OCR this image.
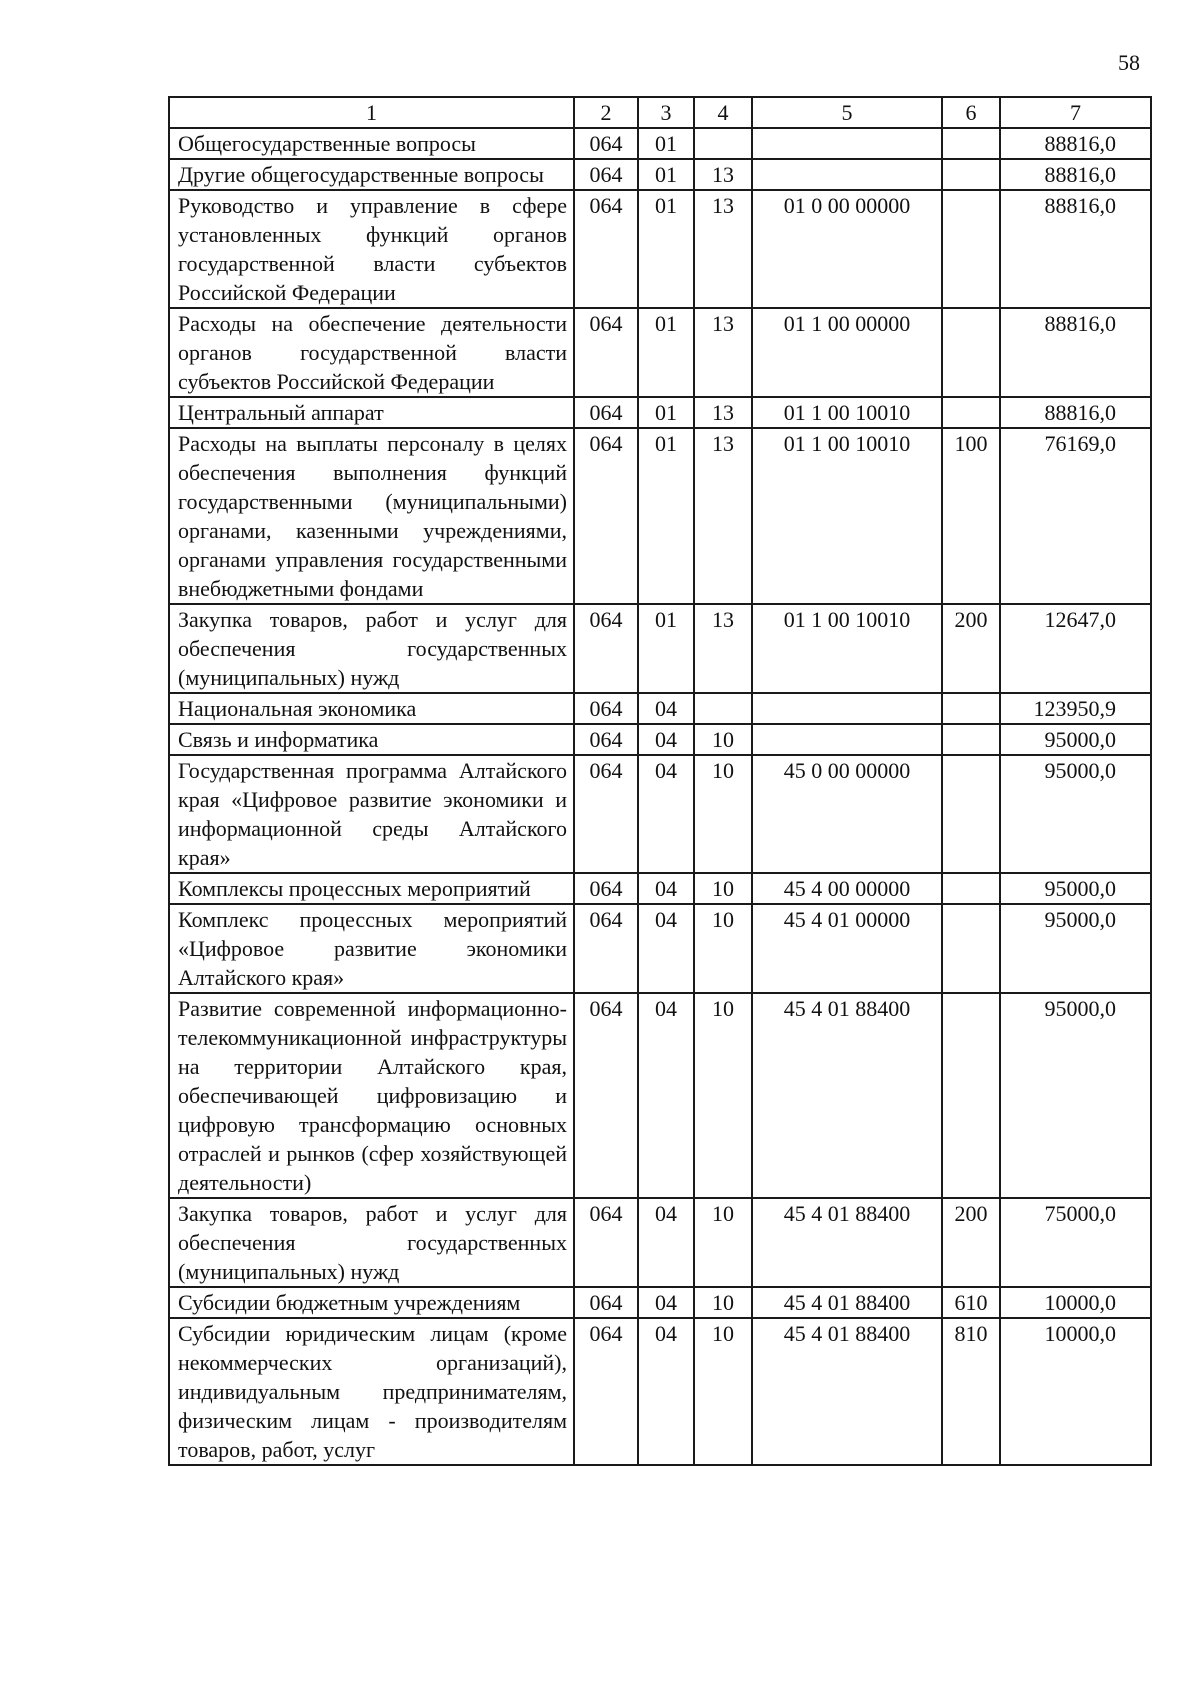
58
1	2	3	4	5	6	7
Общегосударственные вопросы	064	01				88816,0
Другие общегосударственные вопросы	064	01	13			88816,0
Руководство и управление в сфере установленных функций органов государственной власти субъектов Российской Федерации	064	01	13	01 0 00 00000		88816,0
Расходы на обеспечение деятельности органов государственной власти субъектов Российской Федерации	064	01	13	01 1 00 00000		88816,0
Центральный аппарат	064	01	13	01 1 00 10010		88816,0
Расходы на выплаты персоналу в целях обеспечения выполнения функций государственными (муниципальными) органами, казенными учреждениями, органами управления государственными внебюджетными фондами	064	01	13	01 1 00 10010	100	76169,0
Закупка товаров, работ и услуг для обеспечения государственных (муниципальных) нужд	064	01	13	01 1 00 10010	200	12647,0
Национальная экономика	064	04				123950,9
Связь и информатика	064	04	10			95000,0
Государственная программа Алтайского края «Цифровое развитие экономики и информационной среды Алтайского края»	064	04	10	45 0 00 00000		95000,0
Комплексы процессных мероприятий	064	04	10	45 4 00 00000		95000,0
Комплекс процессных мероприятий «Цифровое развитие экономики Алтайского края»	064	04	10	45 4 01 00000		95000,0
Развитие современной информационно-телекоммуникационной инфраструктуры на территории Алтайского края, обеспечивающей цифровизацию и цифровую трансформацию основных отраслей и рынков (сфер хозяйствующей деятельности)	064	04	10	45 4 01 88400		95000,0
Закупка товаров, работ и услуг для обеспечения государственных (муниципальных) нужд	064	04	10	45 4 01 88400	200	75000,0
Субсидии бюджетным учреждениям	064	04	10	45 4 01 88400	610	10000,0
Субсидии юридическим лицам (кроме некоммерческих организаций), индивидуальным предпринимателям, физическим лицам - производителям товаров, работ, услуг	064	04	10	45 4 01 88400	810	10000,0
